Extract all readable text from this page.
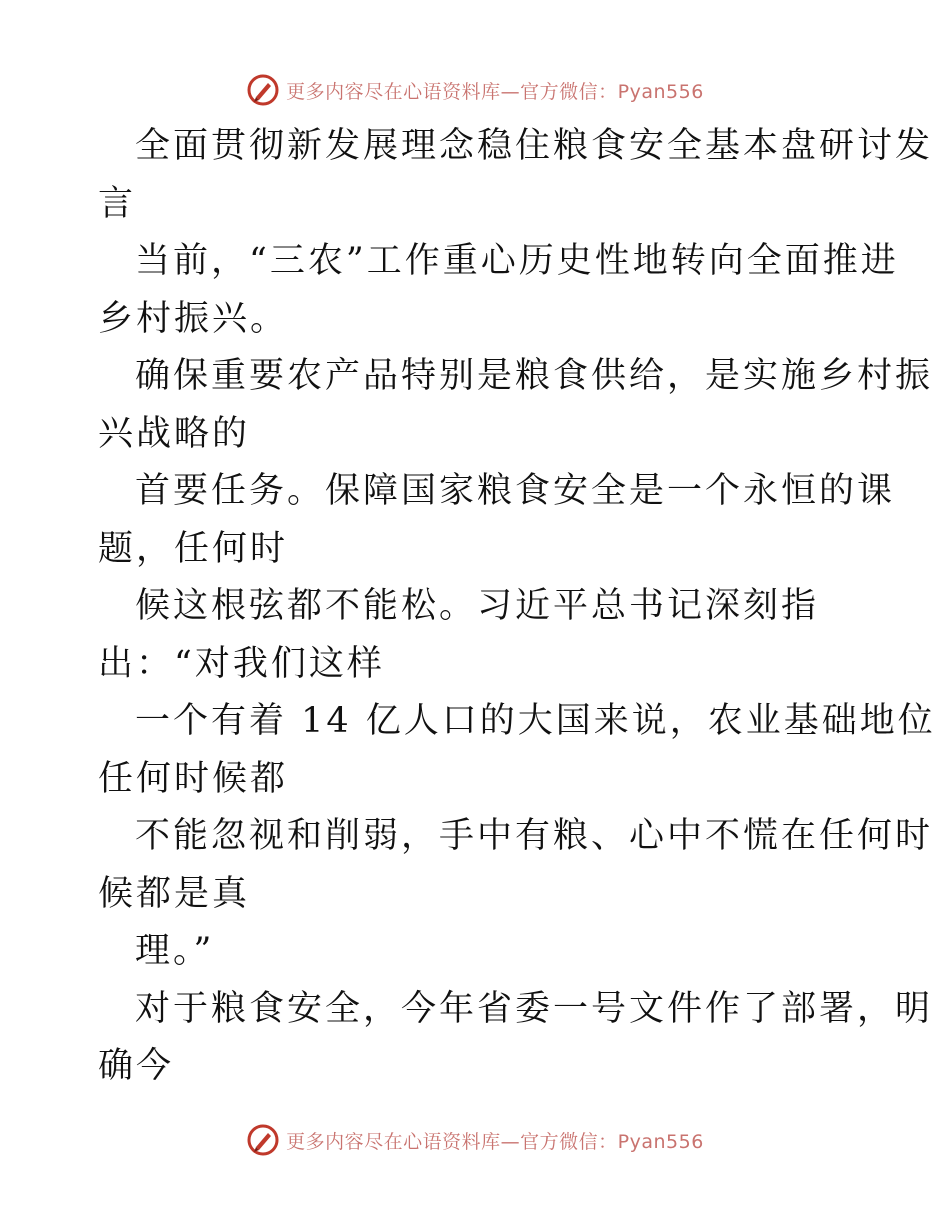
更多内容尽在心语资料库—官方微信：Pyan556
全面贯彻新发展理念稳住粮食安全基本盘研讨发
言
当前，“三农”工作重心历史性地转向全面推进
乡村振兴。
确保重要农产品特别是粮食供给，是实施乡村振
兴战略的
首要任务。保障国家粮食安全是一个永恒的课
题，任何时
候这根弦都不能松。习近平总书记深刻指
出：“对我们这样
一个有着 14 亿人口的大国来说，农业基础地位
任何时候都
不能忽视和削弱，手中有粮、心中不慌在任何时
候都是真
理。”
对于粮食安全，今年省委一号文件作了部署，明
确今
更多内容尽在心语资料库—官方微信：Pyan556
